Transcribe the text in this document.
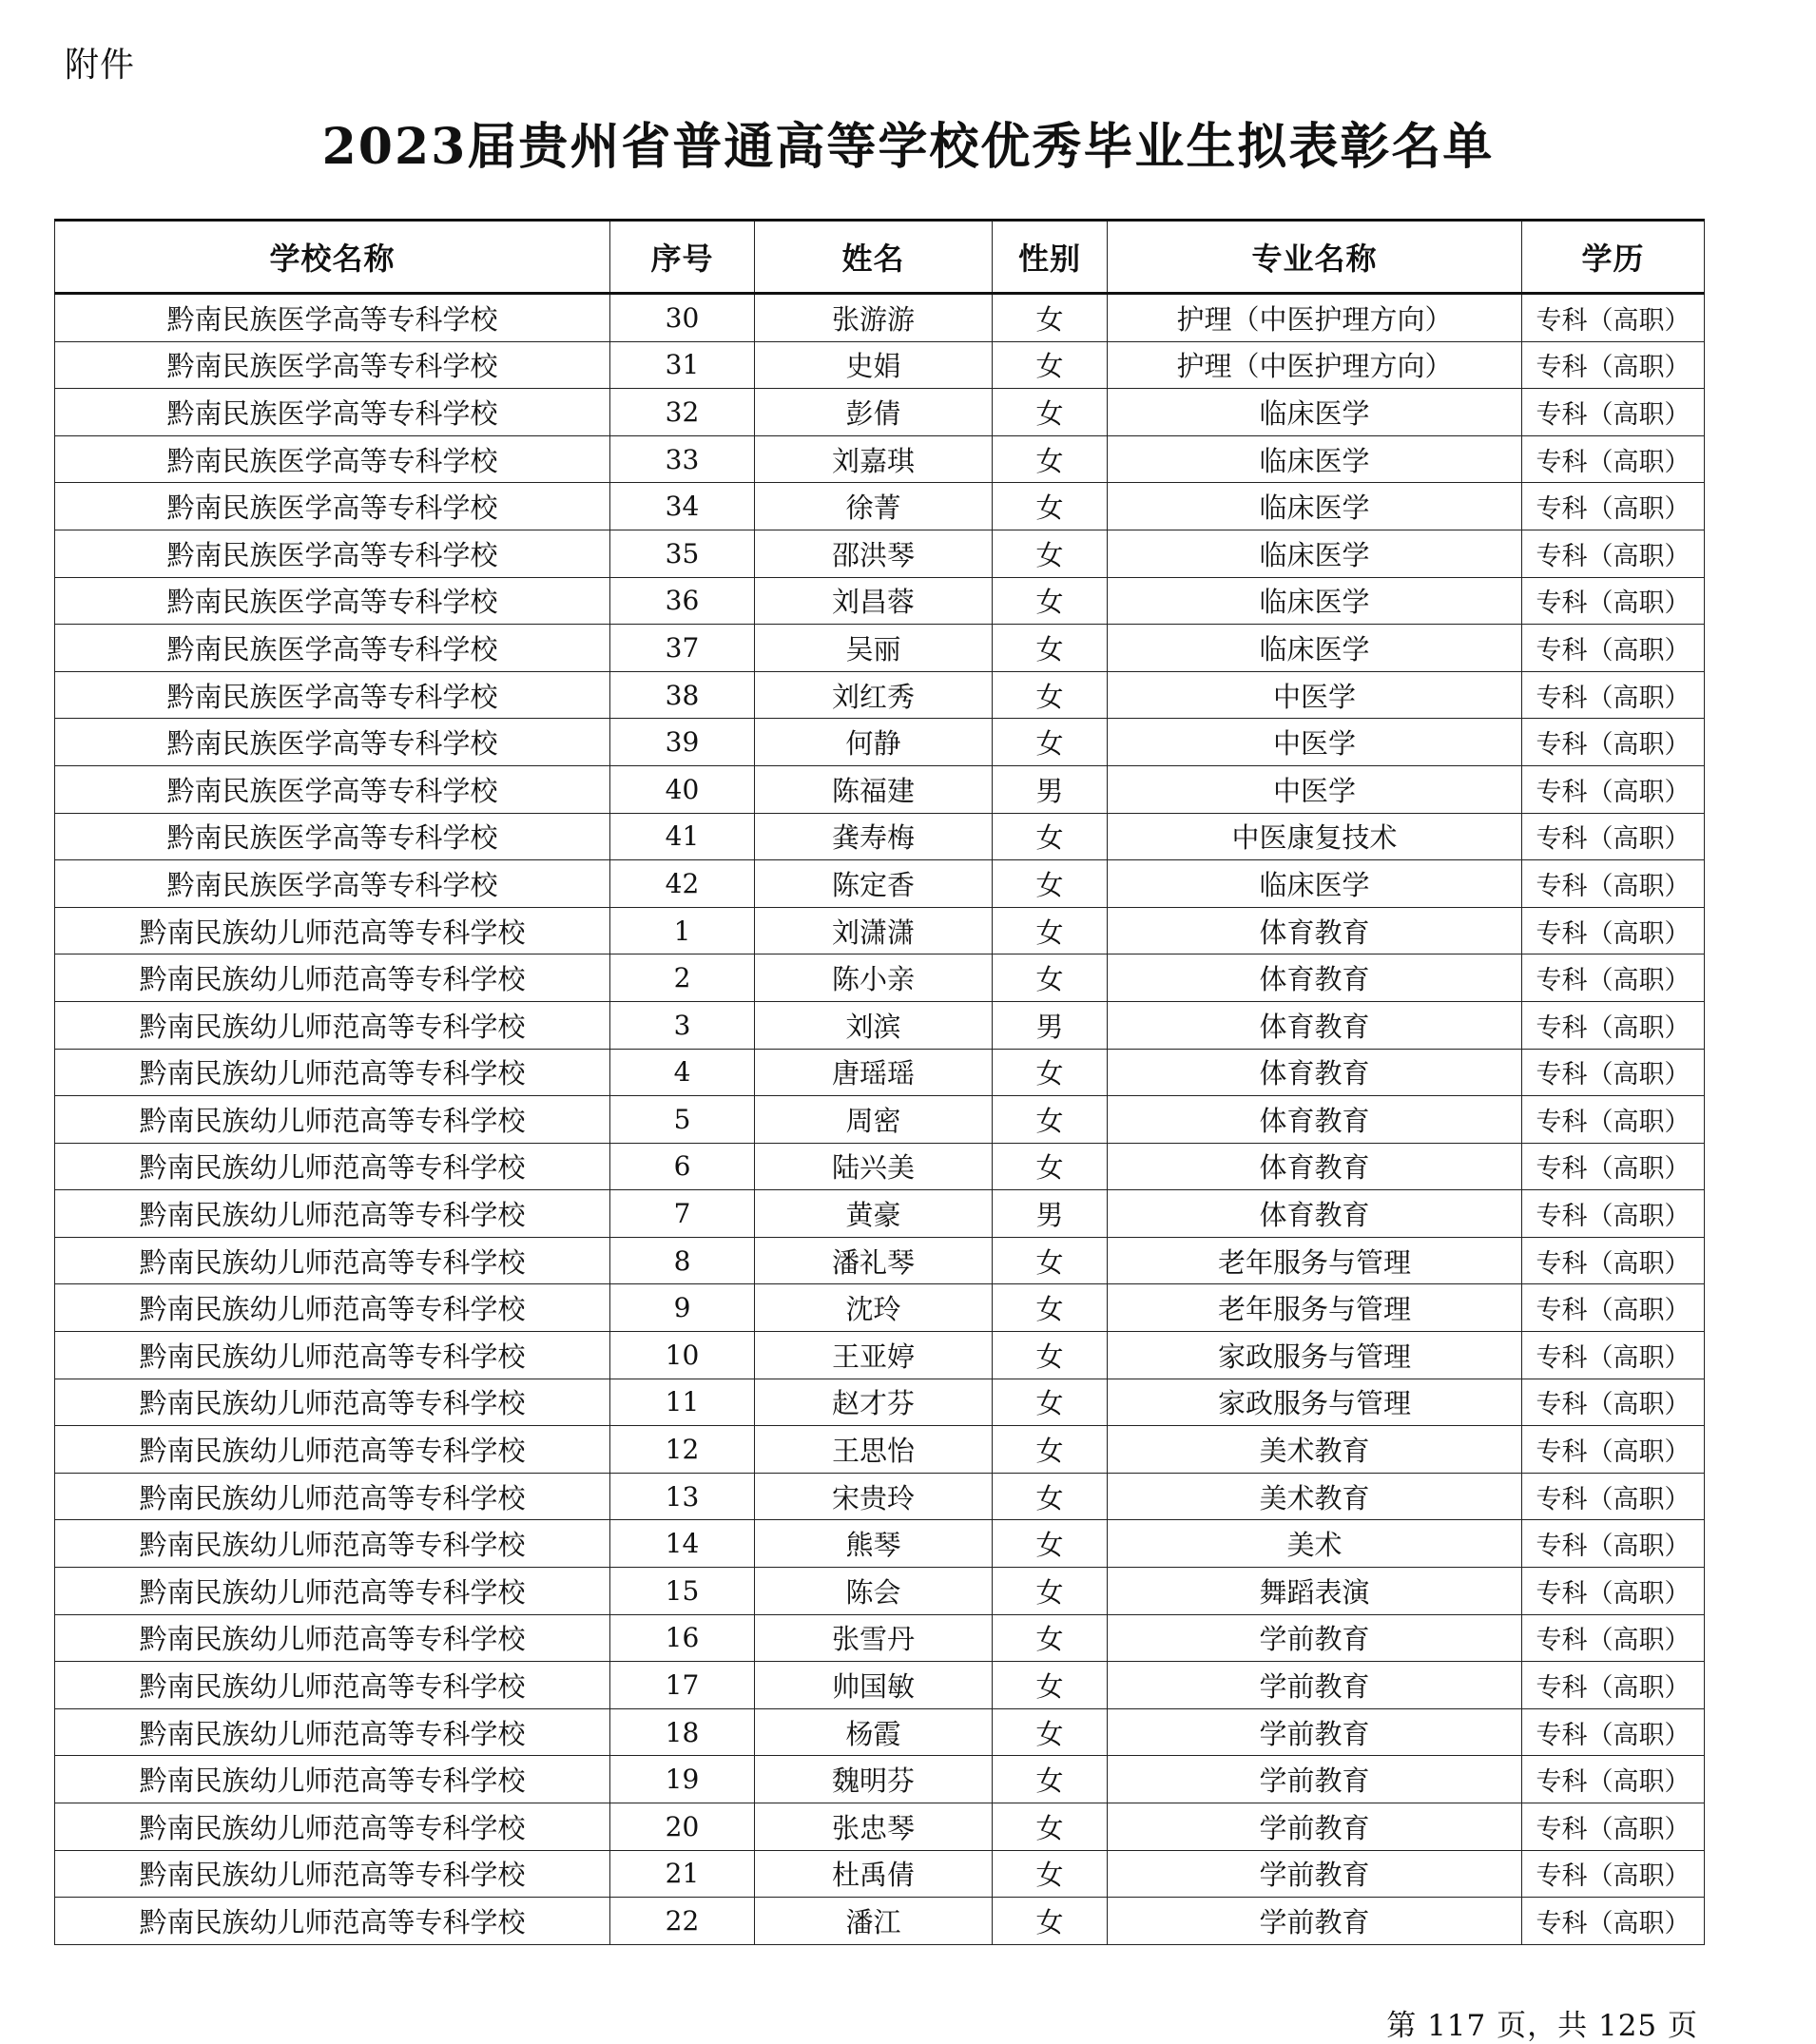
附件
2023届贵州省普通高等学校优秀毕业生拟表彰名单
学校名称	序号	姓名	性别	专业名称	学历
黔南民族医学高等专科学校	30	张游游	女	护理（中医护理方向）	专科（高职）
黔南民族医学高等专科学校	31	史娟	女	护理（中医护理方向）	专科（高职）
黔南民族医学高等专科学校	32	彭倩	女	临床医学	专科（高职）
黔南民族医学高等专科学校	33	刘嘉琪	女	临床医学	专科（高职）
黔南民族医学高等专科学校	34	徐菁	女	临床医学	专科（高职）
黔南民族医学高等专科学校	35	邵洪琴	女	临床医学	专科（高职）
黔南民族医学高等专科学校	36	刘昌蓉	女	临床医学	专科（高职）
黔南民族医学高等专科学校	37	吴丽	女	临床医学	专科（高职）
黔南民族医学高等专科学校	38	刘红秀	女	中医学	专科（高职）
黔南民族医学高等专科学校	39	何静	女	中医学	专科（高职）
黔南民族医学高等专科学校	40	陈福建	男	中医学	专科（高职）
黔南民族医学高等专科学校	41	龚寿梅	女	中医康复技术	专科（高职）
黔南民族医学高等专科学校	42	陈定香	女	临床医学	专科（高职）
黔南民族幼儿师范高等专科学校	1	刘潇潇	女	体育教育	专科（高职）
黔南民族幼儿师范高等专科学校	2	陈小亲	女	体育教育	专科（高职）
黔南民族幼儿师范高等专科学校	3	刘滨	男	体育教育	专科（高职）
黔南民族幼儿师范高等专科学校	4	唐瑶瑶	女	体育教育	专科（高职）
黔南民族幼儿师范高等专科学校	5	周密	女	体育教育	专科（高职）
黔南民族幼儿师范高等专科学校	6	陆兴美	女	体育教育	专科（高职）
黔南民族幼儿师范高等专科学校	7	黄豪	男	体育教育	专科（高职）
黔南民族幼儿师范高等专科学校	8	潘礼琴	女	老年服务与管理	专科（高职）
黔南民族幼儿师范高等专科学校	9	沈玲	女	老年服务与管理	专科（高职）
黔南民族幼儿师范高等专科学校	10	王亚婷	女	家政服务与管理	专科（高职）
黔南民族幼儿师范高等专科学校	11	赵才芬	女	家政服务与管理	专科（高职）
黔南民族幼儿师范高等专科学校	12	王思怡	女	美术教育	专科（高职）
黔南民族幼儿师范高等专科学校	13	宋贵玲	女	美术教育	专科（高职）
黔南民族幼儿师范高等专科学校	14	熊琴	女	美术	专科（高职）
黔南民族幼儿师范高等专科学校	15	陈会	女	舞蹈表演	专科（高职）
黔南民族幼儿师范高等专科学校	16	张雪丹	女	学前教育	专科（高职）
黔南民族幼儿师范高等专科学校	17	帅国敏	女	学前教育	专科（高职）
黔南民族幼儿师范高等专科学校	18	杨霞	女	学前教育	专科（高职）
黔南民族幼儿师范高等专科学校	19	魏明芬	女	学前教育	专科（高职）
黔南民族幼儿师范高等专科学校	20	张忠琴	女	学前教育	专科（高职）
黔南民族幼儿师范高等专科学校	21	杜禹倩	女	学前教育	专科（高职）
黔南民族幼儿师范高等专科学校	22	潘江	女	学前教育	专科（高职）
第 117 页，共 125 页
